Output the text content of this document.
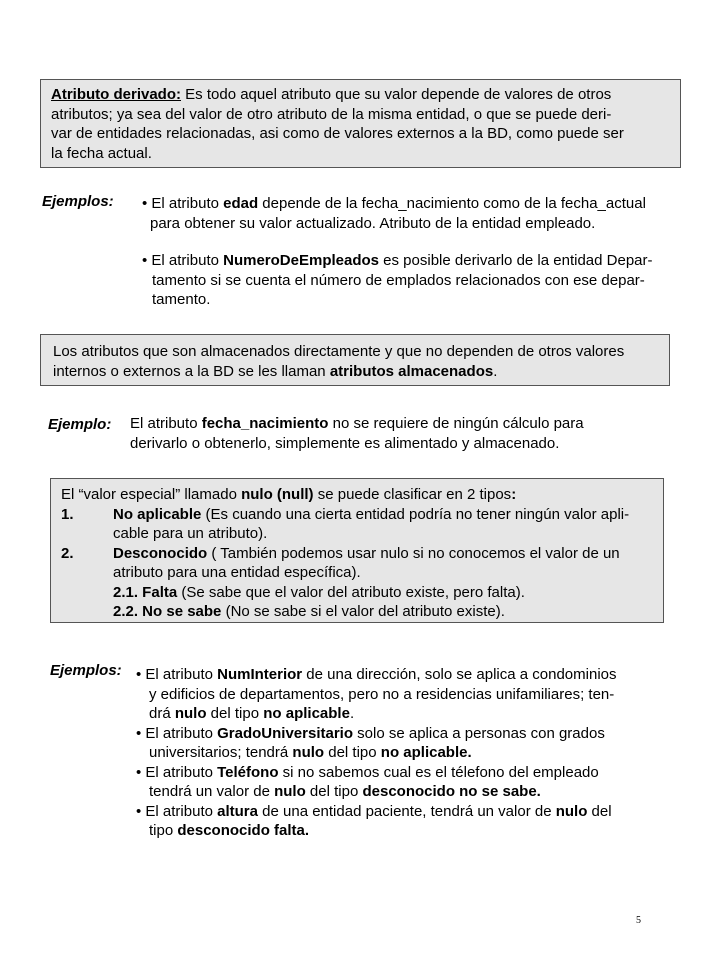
Atributo derivado: Es todo aquel atributo que su valor depende de valores de otros
atributos; ya sea del valor de otro atributo de la misma entidad, o que se puede deri-
var de entidades relacionadas, asi como de valores externos a la BD, como puede ser
la fecha actual.
Ejemplos: • El atributo edad depende de la fecha_nacimiento como de la fecha_actual
para obtener su valor actualizado. Atributo de la entidad empleado.
• El atributo NumeroDeEmpleados es posible derivarlo de la entidad Depar-
tamento si se cuenta el número de emplados relacionados con ese depar-
tamento.
Los atributos que son almacenados directamente y que no dependen de otros valores
internos o externos a la BD se les llaman atributos almacenados.
Ejemplo: El atributo fecha_nacimiento no se requiere de ningún cálculo para
derivarlo o obtenerlo, simplemente es alimentado y almacenado.
El “valor especial” llamado nulo (null) se puede clasificar en 2 tipos:
1.	No aplicable (Es cuando una cierta entidad podría no tener ningún valor apli-
cable para un atributo).
2.	Desconocido ( También podemos usar nulo si no conocemos el valor de un
atributo para una entidad específica).
2.1. Falta (Se sabe que el valor del atributo existe, pero falta).
2.2. No se sabe (No se sabe si el valor del atributo existe).
Ejemplos: • El atributo NumInterior de una dirección, solo se aplica a condominios
y edificios de departamentos, pero no a residencias unifamiliares; ten-
drá nulo del tipo no aplicable.
• El atributo GradoUniversitario solo se aplica a personas con grados
universitarios; tendrá nulo del tipo no aplicable.
• El atributo Teléfono si no sabemos cual es el télefono del empleado
tendrá un valor de nulo del tipo desconocido no se sabe.
• El atributo altura de una entidad paciente, tendrá un valor de nulo del
tipo desconocido falta.
5
